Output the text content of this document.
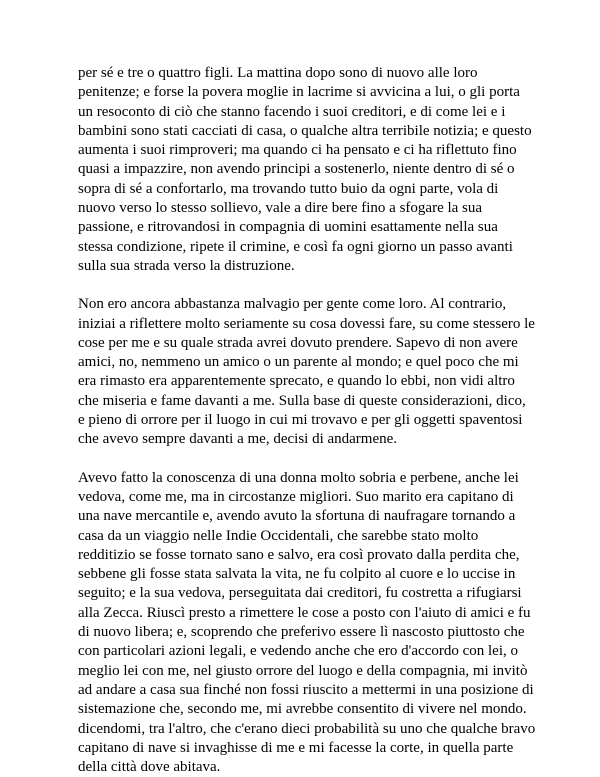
per sé e tre o quattro figli. La mattina dopo sono di nuovo alle loro
penitenze; e forse la povera moglie in lacrime si avvicina a lui, o gli porta
un resoconto di ciò che stanno facendo i suoi creditori, e di come lei e i
bambini sono stati cacciati di casa, o qualche altra terribile notizia; e questo
aumenta i suoi rimproveri; ma quando ci ha pensato e ci ha riflettuto fino
quasi a impazzire, non avendo principi a sostenerlo, niente dentro di sé o
sopra di sé a confortarlo, ma trovando tutto buio da ogni parte, vola di
nuovo verso lo stesso sollievo, vale a dire bere fino a sfogare la sua
passione, e ritrovandosi in compagnia di uomini esattamente nella sua
stessa condizione, ripete il crimine, e così fa ogni giorno un passo avanti
sulla sua strada verso la distruzione.

Non ero ancora abbastanza malvagio per gente come loro. Al contrario,
iniziai a riflettere molto seriamente su cosa dovessi fare, su come stessero le
cose per me e su quale strada avrei dovuto prendere. Sapevo di non avere
amici, no, nemmeno un amico o un parente al mondo; e quel poco che mi
era rimasto era apparentemente sprecato, e quando lo ebbi, non vidi altro
che miseria e fame davanti a me. Sulla base di queste considerazioni, dico,
e pieno di orrore per il luogo in cui mi trovavo e per gli oggetti spaventosi
che avevo sempre davanti a me, decisi di andarmene.

Avevo fatto la conoscenza di una donna molto sobria e perbene, anche lei
vedova, come me, ma in circostanze migliori. Suo marito era capitano di
una nave mercantile e, avendo avuto la sfortuna di naufragare tornando a
casa da un viaggio nelle Indie Occidentali, che sarebbe stato molto
redditizio se fosse tornato sano e salvo, era così provato dalla perdita che,
sebbene gli fosse stata salvata la vita, ne fu colpito al cuore e lo uccise in
seguito; e la sua vedova, perseguitata dai creditori, fu costretta a rifugiarsi
alla Zecca. Riuscì presto a rimettere le cose a posto con l'aiuto di amici e fu
di nuovo libera; e, scoprendo che preferivo essere lì nascosto piuttosto che
con particolari azioni legali, e vedendo anche che ero d'accordo con lei, o
meglio lei con me, nel giusto orrore del luogo e della compagnia, mi invitò
ad andare a casa sua finché non fossi riuscito a mettermi in una posizione di
sistemazione che, secondo me, mi avrebbe consentito di vivere nel mondo.
dicendomi, tra l'altro, che c'erano dieci probabilità su uno che qualche bravo
capitano di nave si invaghisse di me e mi facesse la corte, in quella parte
della città dove abitava.
